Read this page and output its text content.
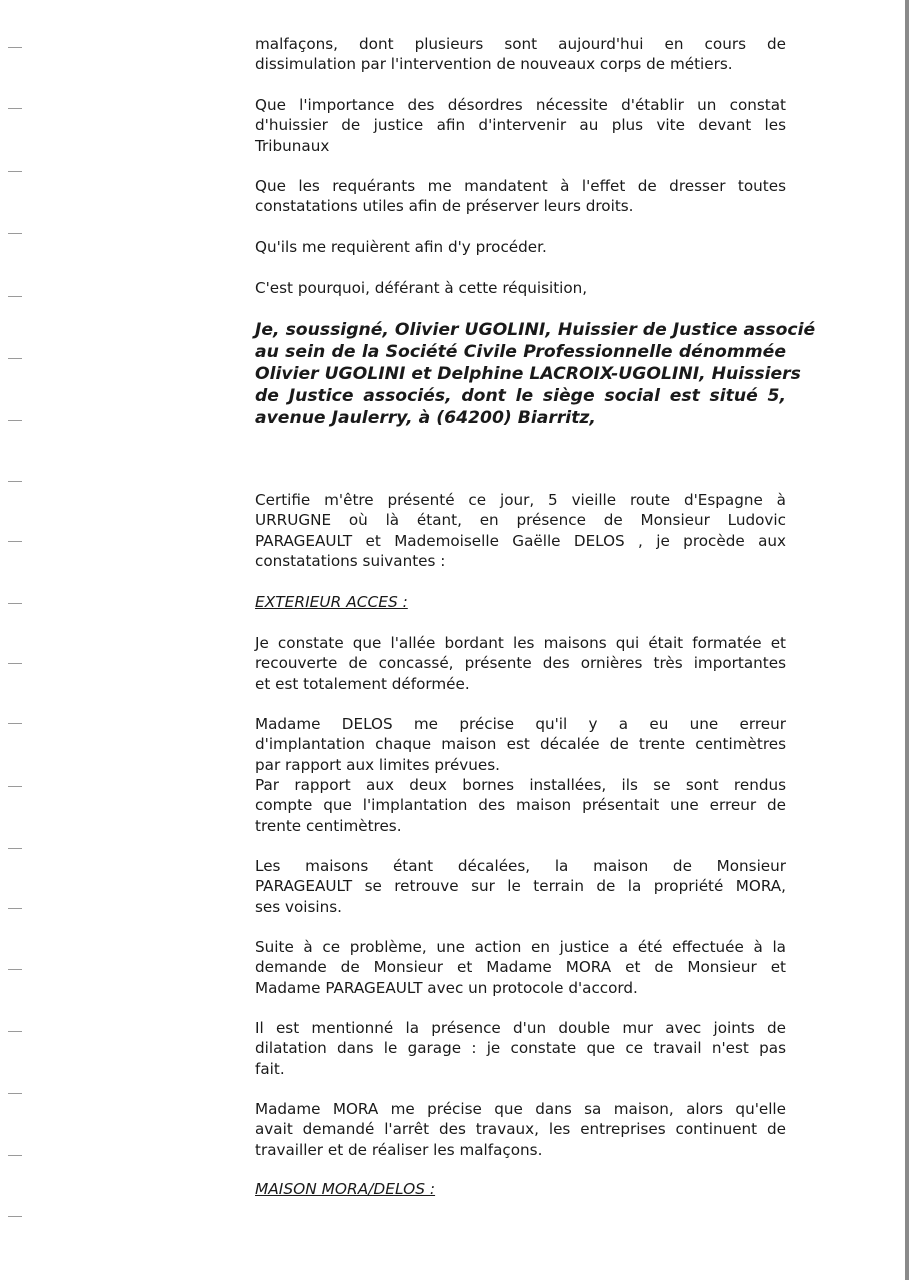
malfaçons, dont plusieurs sont aujourd'hui en cours de
dissimulation par l'intervention de nouveaux corps de métiers.

Que l'importance des désordres nécessite d'établir un constat
d'huissier de justice afin d'intervenir au plus vite devant les
Tribunaux

Que les requérants me mandatent à l'effet de dresser toutes
constatations utiles afin de préserver leurs droits.

Qu'ils me requièrent afin d'y procéder.

C'est pourquoi, déférant à cette réquisition,

Je, soussigné, Olivier UGOLINI, Huissier de Justice associé
au sein de la Société Civile Professionnelle dénommée
Olivier UGOLINI et Delphine LACROIX-UGOLINI, Huissiers
de Justice associés, dont le siège social est situé 5,
avenue Jaulerry, à (64200) Biarritz,

Certifie m'être présenté ce jour, 5 vieille route d'Espagne à
URRUGNE où là étant, en présence de Monsieur Ludovic
PARAGEAULT et Mademoiselle Gaëlle DELOS , je procède aux
constatations suivantes :

EXTERIEUR ACCES :

Je constate que l'allée bordant les maisons qui était formatée et
recouverte de concassé, présente des ornières très importantes
et est totalement déformée.

Madame DELOS me précise qu'il y a eu une erreur
d'implantation chaque maison est décalée de trente centimètres
par rapport aux limites prévues.

Par rapport aux deux bornes installées, ils se sont rendus
compte que l'implantation des maison présentait une erreur de
trente centimètres.

Les maisons étant décalées, la maison de Monsieur
PARAGEAULT se retrouve sur le terrain de la propriété MORA,
ses voisins.

Suite à ce problème, une action en justice a été effectuée à la
demande de Monsieur et Madame MORA et de Monsieur et
Madame PARAGEAULT avec un protocole d'accord.

Il est mentionné la présence d'un double mur avec joints de
dilatation dans le garage : je constate que ce travail n'est pas
fait.

Madame MORA me précise que dans sa maison, alors qu'elle
avait demandé l'arrêt des travaux, les entreprises continuent de
travailler et de réaliser les malfaçons.

MAISON MORA/DELOS :
